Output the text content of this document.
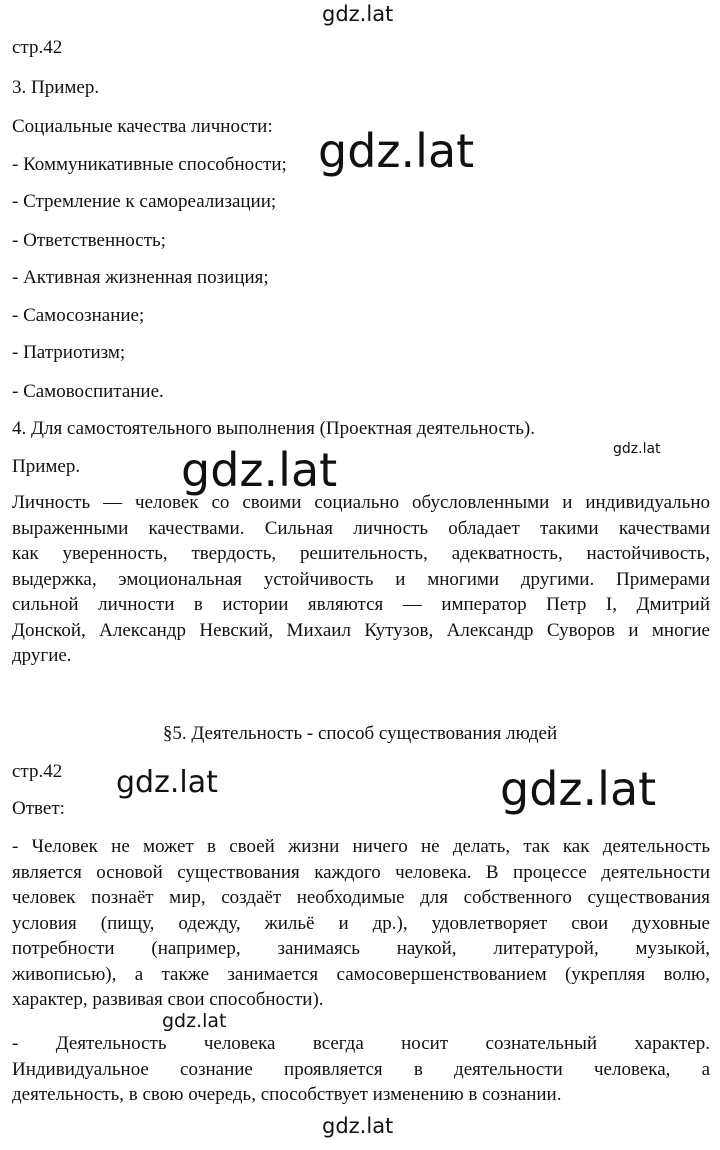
gdz.lat
gdz.lat
gdz.lat
gdz.lat
gdz.lat	gdz.lat
gdz.lat
gdz.lat
стр.42
3. Пример.
Социальные качества личности:
- Коммуникативные способности;
- Стремление к самореализации;
- Ответственность;
- Активная жизненная позиция;
- Самосознание;
- Патриотизм;
- Самовоспитание.
4. Для самостоятельного выполнения (Проектная деятельность).
Пример.
Личность — человек со своими социально обусловленными и индивидуально
выраженными качествами. Сильная личность обладает такими качествами
как уверенность, твердость, решительность, адекватность, настойчивость,
выдержка, эмоциональная устойчивость и многими другими. Примерами
сильной личности в истории являются — император Петр I, Дмитрий
Донской, Александр Невский, Михаил Кутузов, Александр Суворов и многие
другие.
§5. Деятельность - способ существования людей
стр.42
Ответ:
- Человек не может в своей жизни ничего не делать, так как деятельность
является основой существования каждого человека. В процессе деятельности
человек познаёт мир, создаёт необходимые для собственного существования
условия (пищу, одежду, жильё и др.), удовлетворяет свои духовные
потребности (например, занимаясь наукой, литературой, музыкой,
живописью), а также занимается самосовершенствованием (укрепляя волю,
характер, развивая свои способности).
- Деятельность человека всегда носит сознательный характер.
Индивидуальное сознание проявляется в деятельности человека, а
деятельность, в свою очередь, способствует изменению в сознании.
